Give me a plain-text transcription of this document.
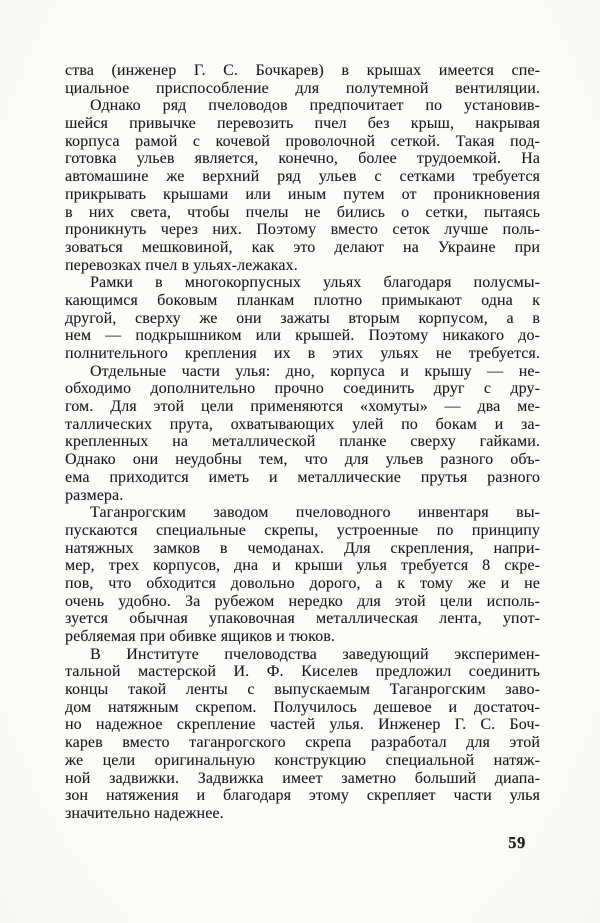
ства (инженер Г. С. Бочкарев) в крышах имеется спе-
циальное приспособление для полутемной вентиляции.
Однако ряд пчеловодов предпочитает по установив-
шейся привычке перевозить пчел без крыш, накрывая
корпуса рамой с кочевой проволочной сеткой. Такая под-
готовка ульев является, конечно, более трудоемкой. На
автомашине же верхний ряд ульев с сетками требуется
прикрывать крышами или иным путем от проникновения
в них света, чтобы пчелы не бились о сетки, пытаясь
проникнуть через них. Поэтому вместо сеток лучше поль-
зоваться мешковиной, как это делают на Украине при
перевозках пчел в ульях-лежаках.
Рамки в многокорпусных ульях благодаря полусмы-
кающимся боковым планкам плотно примыкают одна к
другой, сверху же они зажаты вторым корпусом, а в
нем — подкрышником или крышей. Поэтому никакого до-
полнительного крепления их в этих ульях не требуется.
Отдельные части улья: дно, корпуса и крышу — не-
обходимо дополнительно прочно соединить друг с дру-
гом. Для этой цели применяются «хомуты» — два ме-
таллических прута, охватывающих улей по бокам и за-
крепленных на металлической планке сверху гайками.
Однако они неудобны тем, что для ульев разного объ-
ема приходится иметь и металлические прутья разного
размера.
Таганрогским заводом пчеловодного инвентаря вы-
пускаются специальные скрепы, устроенные по принципу
натяжных замков в чемоданах. Для скрепления, напри-
мер, трех корпусов, дна и крыши улья требуется 8 скре-
пов, что обходится довольно дорого, а к тому же и не
очень удобно. За рубежом нередко для этой цели исполь-
зуется обычная упаковочная металлическая лента, упот-
ребляемая при обивке ящиков и тюков.
В Институте пчеловодства заведующий эксперимен-
тальной мастерской И. Ф. Киселев предложил соединить
концы такой ленты с выпускаемым Таганрогским заво-
дом натяжным скрепом. Получилось дешевое и достаточ-
но надежное скрепление частей улья. Инженер Г. С. Боч-
карев вместо таганрогского скрепа разработал для этой
же цели оригинальную конструкцию специальной натяж-
ной задвижки. Задвижка имеет заметно больший диапа-
зон натяжения и благодаря этому скрепляет части улья
значительно надежнее.
59
